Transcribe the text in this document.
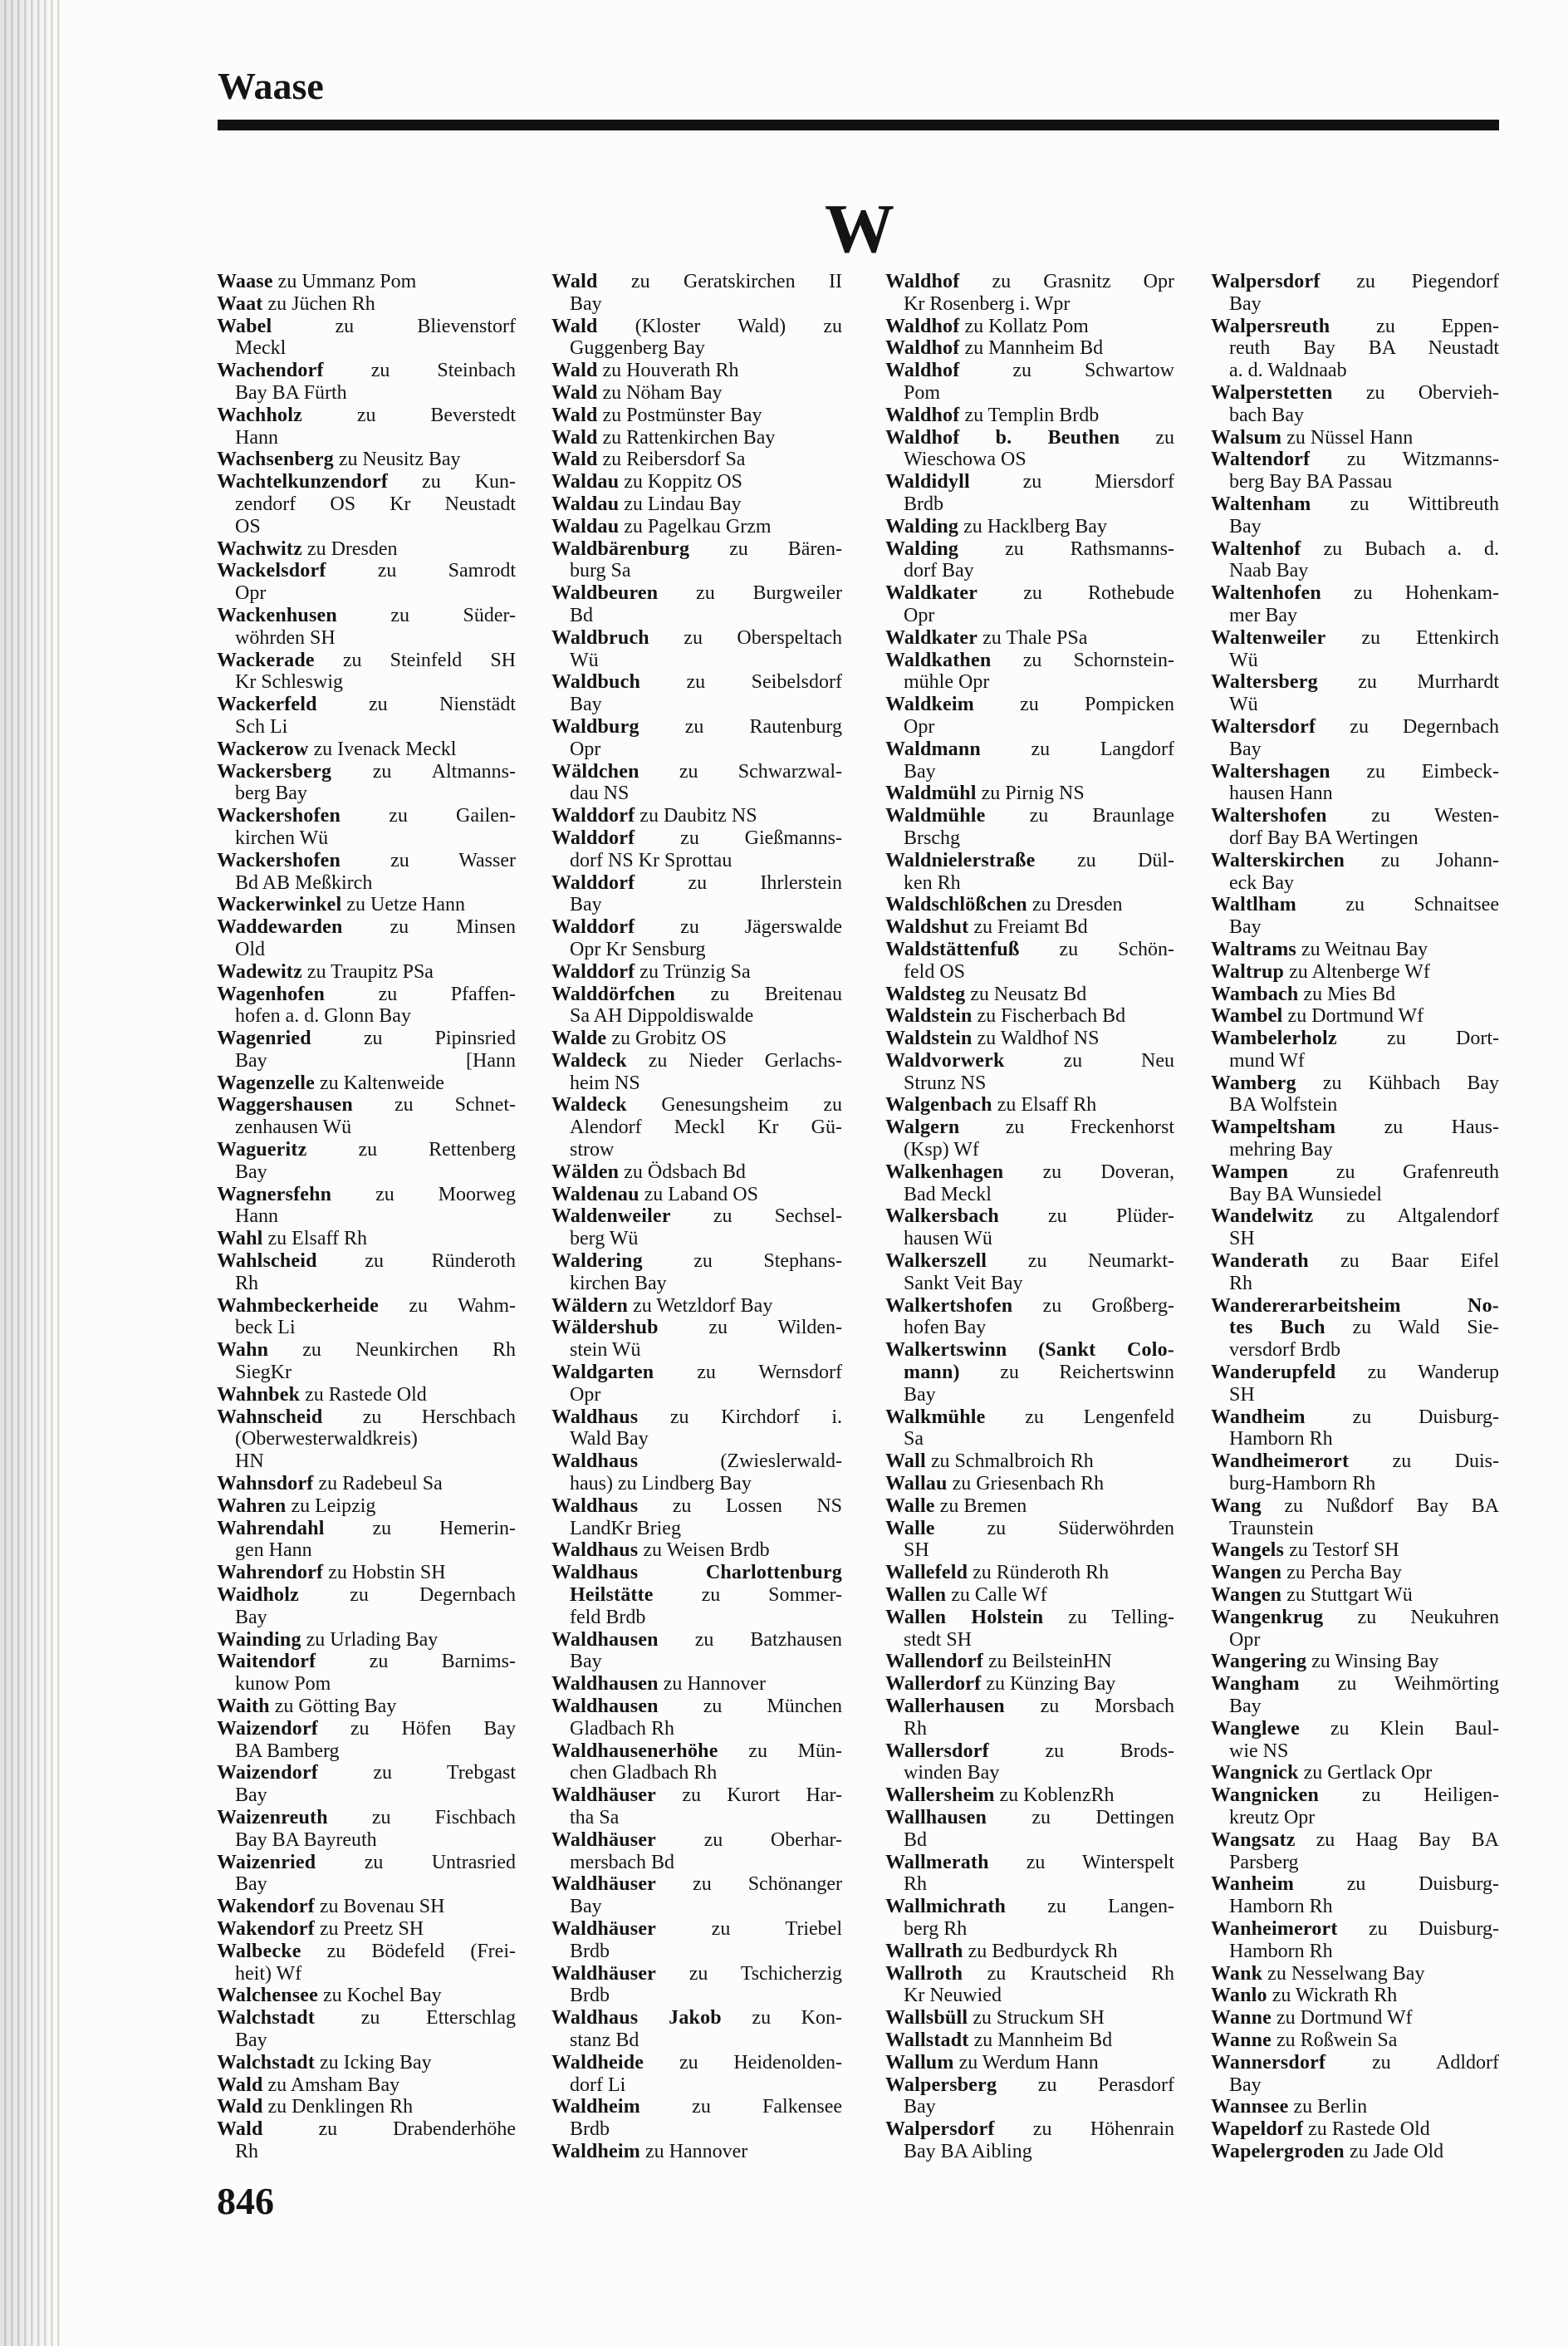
Waase
W
Waase zu Ummanz Pom
Waat zu Jüchen Rh
Wabel zu Blievenstorf
Meckl
Wachendorf zu Steinbach
Bay BA Fürth
Wachholz zu Beverstedt
Hann
Wachsenberg zu Neusitz Bay
Wachtelkunzendorf zu Kun-
zendorf OS Kr Neustadt
OS
Wachwitz zu Dresden
Wackelsdorf zu Samrodt
Opr
Wackenhusen zu Süder-
wöhrden SH
Wackerade zu Steinfeld SH
Kr Schleswig
Wackerfeld zu Nienstädt
Sch Li
Wackerow zu Ivenack Meckl
Wackersberg zu Altmanns-
berg Bay
Wackershofen zu Gailen-
kirchen Wü
Wackershofen zu Wasser
Bd AB Meßkirch
Wackerwinkel zu Uetze Hann
Waddewarden zu Minsen
Old
Wadewitz zu Traupitz PSa
Wagenhofen zu Pfaffen-
hofen a. d. Glonn Bay
Wagenried zu Pipinsried
[Hann
Bay
Wagenzelle zu Kaltenweide
Waggershausen zu Schnet-
zenhausen Wü
Wagueritz zu Rettenberg
Bay
Wagnersfehn zu Moorweg
Hann
Wahl zu Elsaff Rh
Wahlscheid zu Ründeroth
Rh
Wahmbeckerheide zu Wahm-
beck Li
Wahn zu Neunkirchen Rh
SiegKr
Wahnbek zu Rastede Old
Wahnscheid zu Herschbach
(Oberwesterwaldkreis)
HN
Wahnsdorf zu Radebeul Sa
Wahren zu Leipzig
Wahrendahl zu Hemerin-
gen Hann
Wahrendorf zu Hobstin SH
Waidholz zu Degernbach
Bay
Wainding zu Urlading Bay
Waitendorf zu Barnims-
kunow Pom
Waith zu Götting Bay
Waizendorf zu Höfen Bay
BA Bamberg
Waizendorf zu Trebgast
Bay
Waizenreuth zu Fischbach
Bay BA Bayreuth
Waizenried zu Untrasried
Bay
Wakendorf zu Bovenau SH
Wakendorf zu Preetz SH
Walbecke zu Bödefeld (Frei-
heit) Wf
Walchensee zu Kochel Bay
Walchstadt zu Etterschlag
Bay
Walchstadt zu Icking Bay
Wald zu Amsham Bay
Wald zu Denklingen Rh
Wald zu Drabenderhöhe
Rh
Wald zu Geratskirchen II
Bay
Wald (Kloster Wald) zu
Guggenberg Bay
Wald zu Houverath Rh
Wald zu Nöham Bay
Wald zu Postmünster Bay
Wald zu Rattenkirchen Bay
Wald zu Reibersdorf Sa
Waldau zu Koppitz OS
Waldau zu Lindau Bay
Waldau zu Pagelkau Grzm
Waldbärenburg zu Bären-
burg Sa
Waldbeuren zu Burgweiler
Bd
Waldbruch zu Oberspeltach
Wü
Waldbuch zu Seibelsdorf
Bay
Waldburg zu Rautenburg
Opr
Wäldchen zu Schwarzwal-
dau NS
Walddorf zu Daubitz NS
Walddorf zu Gießmanns-
dorf NS Kr Sprottau
Walddorf zu Ihrlerstein
Bay
Walddorf zu Jägerswalde
Opr Kr Sensburg
Walddorf zu Trünzig Sa
Walddörfchen zu Breitenau
Sa AH Dippoldiswalde
Walde zu Grobitz OS
Waldeck zu Nieder Gerlachs-
heim NS
Waldeck Genesungsheim zu
Alendorf Meckl Kr Gü-
strow
Wälden zu Ödsbach Bd
Waldenau zu Laband OS
Waldenweiler zu Sechsel-
berg Wü
Waldering zu Stephans-
kirchen Bay
Wäldern zu Wetzldorf Bay
Wäldershub zu Wilden-
stein Wü
Waldgarten zu Wernsdorf
Opr
Waldhaus zu Kirchdorf i.
Wald Bay
Waldhaus (Zwieslerwald-
haus) zu Lindberg Bay
Waldhaus zu Lossen NS
LandKr Brieg
Waldhaus zu Weisen Brdb
Waldhaus Charlottenburg
Heilstätte zu Sommer-
feld Brdb
Waldhausen zu Batzhausen
Bay
Waldhausen zu Hannover
Waldhausen zu München
Gladbach Rh
Waldhausenerhöhe zu Mün-
chen Gladbach Rh
Waldhäuser zu Kurort Har-
tha Sa
Waldhäuser zu Oberhar-
mersbach Bd
Waldhäuser zu Schönanger
Bay
Waldhäuser zu Triebel
Brdb
Waldhäuser zu Tschicherzig
Brdb
Waldhaus Jakob zu Kon-
stanz Bd
Waldheide zu Heidenolden-
dorf Li
Waldheim zu Falkensee
Brdb
Waldheim zu Hannover
Waldhof zu Grasnitz Opr
Kr Rosenberg i. Wpr
Waldhof zu Kollatz Pom
Waldhof zu Mannheim Bd
Waldhof zu Schwartow
Pom
Waldhof zu Templin Brdb
Waldhof b. Beuthen zu
Wieschowa OS
Waldidyll zu Miersdorf
Brdb
Walding zu Hacklberg Bay
Walding zu Rathsmanns-
dorf Bay
Waldkater zu Rothebude
Opr
Waldkater zu Thale PSa
Waldkathen zu Schornstein-
mühle Opr
Waldkeim zu Pompicken
Opr
Waldmann zu Langdorf
Bay
Waldmühl zu Pirnig NS
Waldmühle zu Braunlage
Brschg
Waldnielerstraße zu Dül-
ken Rh
Waldschlößchen zu Dresden
Waldshut zu Freiamt Bd
Waldstättenfuß zu Schön-
feld OS
Waldsteg zu Neusatz Bd
Waldstein zu Fischerbach Bd
Waldstein zu Waldhof NS
Waldvorwerk zu Neu
Strunz NS
Walgenbach zu Elsaff Rh
Walgern zu Freckenhorst
(Ksp) Wf
Walkenhagen zu Doveran,
Bad Meckl
Walkersbach zu Plüder-
hausen Wü
Walkerszell zu Neumarkt-
Sankt Veit Bay
Walkertshofen zu Großberg-
hofen Bay
Walkertswinn (Sankt Colo-
mann) zu Reichertswinn
Bay
Walkmühle zu Lengenfeld
Sa
Wall zu Schmalbroich Rh
Wallau zu Griesenbach Rh
Walle zu Bremen
Walle zu Süderwöhrden
SH
Wallefeld zu Ründeroth Rh
Wallen zu Calle Wf
Wallen Holstein zu Telling-
stedt SH
Wallendorf zu BeilsteinHN
Wallerdorf zu Künzing Bay
Wallerhausen zu Morsbach
Rh
Wallersdorf zu Brods-
winden Bay
Wallersheim zu KoblenzRh
Wallhausen zu Dettingen
Bd
Wallmerath zu Winterspelt
Rh
Wallmichrath zu Langen-
berg Rh
Wallrath zu Bedburdyck Rh
Wallroth zu Krautscheid Rh
Kr Neuwied
Wallsbüll zu Struckum SH
Wallstadt zu Mannheim Bd
Wallum zu Werdum Hann
Walpersberg zu Perasdorf
Bay
Walpersdorf zu Höhenrain
Bay BA Aibling
Walpersdorf zu Piegendorf
Bay
Walpersreuth zu Eppen-
reuth Bay BA Neustadt
a. d. Waldnaab
Walperstetten zu Obervieh-
bach Bay
Walsum zu Nüssel Hann
Waltendorf zu Witzmanns-
berg Bay BA Passau
Waltenham zu Wittibreuth
Bay
Waltenhof zu Bubach a. d.
Naab Bay
Waltenhofen zu Hohenkam-
mer Bay
Waltenweiler zu Ettenkirch
Wü
Waltersberg zu Murrhardt
Wü
Waltersdorf zu Degernbach
Bay
Waltershagen zu Eimbeck-
hausen Hann
Waltershofen zu Westen-
dorf Bay BA Wertingen
Walterskirchen zu Johann-
eck Bay
Waltlham zu Schnaitsee
Bay
Waltrams zu Weitnau Bay
Waltrup zu Altenberge Wf
Wambach zu Mies Bd
Wambel zu Dortmund Wf
Wambelerholz zu Dort-
mund Wf
Wamberg zu Kühbach Bay
BA Wolfstein
Wampeltsham zu Haus-
mehring Bay
Wampen zu Grafenreuth
Bay BA Wunsiedel
Wandelwitz zu Altgalendorf
SH
Wanderath zu Baar Eifel
Rh
Wandererarbeitsheim No-
tes Buch zu Wald Sie-
versdorf Brdb
Wanderupfeld zu Wanderup
SH
Wandheim zu Duisburg-
Hamborn Rh
Wandheimerort zu Duis-
burg-Hamborn Rh
Wang zu Nußdorf Bay BA
Traunstein
Wangels zu Testorf SH
Wangen zu Percha Bay
Wangen zu Stuttgart Wü
Wangenkrug zu Neukuhren
Opr
Wangering zu Winsing Bay
Wangham zu Weihmörting
Bay
Wanglewe zu Klein Baul-
wie NS
Wangnick zu Gertlack Opr
Wangnicken zu Heiligen-
kreutz Opr
Wangsatz zu Haag Bay BA
Parsberg
Wanheim zu Duisburg-
Hamborn Rh
Wanheimerort zu Duisburg-
Hamborn Rh
Wank zu Nesselwang Bay
Wanlo zu Wickrath Rh
Wanne zu Dortmund Wf
Wanne zu Roßwein Sa
Wannersdorf zu Adldorf
Bay
Wannsee zu Berlin
Wapeldorf zu Rastede Old
Wapelergroden zu Jade Old
846
